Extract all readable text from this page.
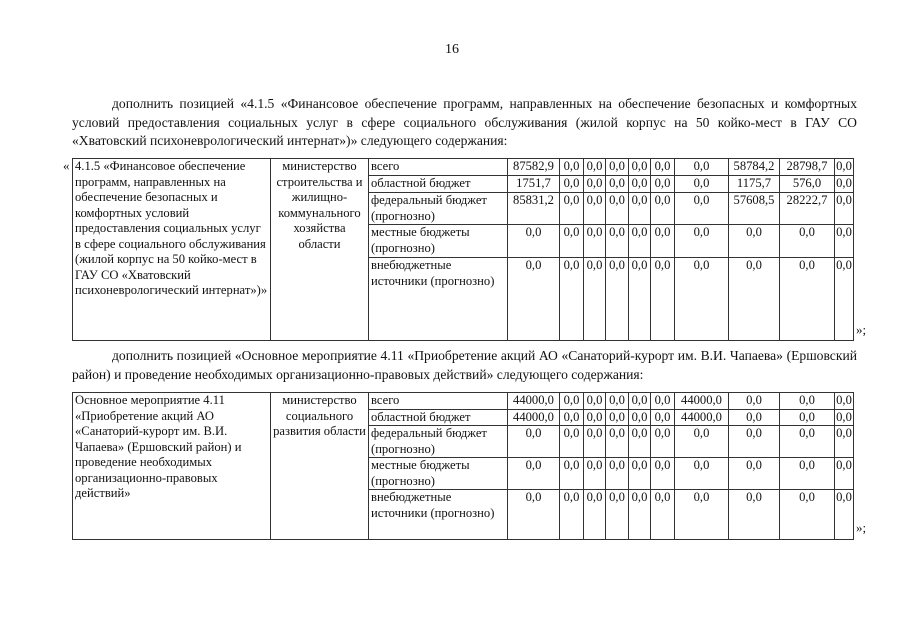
16
дополнить позицией «4.1.5 «Финансовое обеспечение программ, направленных на обеспечение безопасных и комфортных условий предоставления социальных услуг в сфере социального обслуживания (жилой корпус на 50 койко-мест в ГАУ СО «Хватовский психоневрологический интернат»)» следующего содержания:
« 4.1.5 «Финансовое обеспечение программ, направленных на обеспечение безопасных и комфортных условий предоставления социальных услуг в сфере социального обслуживания (жилой корпус на 50 койко-мест в ГАУ СО «Хватовский психоневрологический интернат»)»	министерство строительства и жилищно-коммунального хозяйства области	всего	87582,9	0,0	0,0	0,0	0,0	0,0	0,0	58784,2	28798,7	0,0
		областной бюджет	1751,7	0,0	0,0	0,0	0,0	0,0	0,0	1175,7	576,0	0,0
		федеральный бюджет (прогнозно)	85831,2	0,0	0,0	0,0	0,0	0,0	0,0	57608,5	28222,7	0,0
		местные бюджеты (прогнозно)	0,0	0,0	0,0	0,0	0,0	0,0	0,0	0,0	0,0	0,0
		внебюджетные источники (прогнозно)	0,0	0,0	0,0	0,0	0,0	0,0	0,0	0,0	0,0	0,0
»;
дополнить позицией «Основное мероприятие 4.11 «Приобретение акций АО «Санаторий-курорт им. В.И. Чапаева» (Ершовский район) и проведение необходимых организационно-правовых действий» следующего содержания:
Основное мероприятие 4.11 «Приобретение акций АО «Санаторий-курорт им. В.И. Чапаева» (Ершовский район) и проведение необходимых организационно-правовых действий»	министерство социального развития области	всего	44000,0	0,0	0,0	0,0	0,0	0,0	44000,0	0,0	0,0	0,0
		областной бюджет	44000,0	0,0	0,0	0,0	0,0	0,0	44000,0	0,0	0,0	0,0
		федеральный бюджет (прогнозно)	0,0	0,0	0,0	0,0	0,0	0,0	0,0	0,0	0,0	0,0
		местные бюджеты (прогнозно)	0,0	0,0	0,0	0,0	0,0	0,0	0,0	0,0	0,0	0,0
		внебюджетные источники (прогнозно)	0,0	0,0	0,0	0,0	0,0	0,0	0,0	0,0	0,0	0,0
»;
